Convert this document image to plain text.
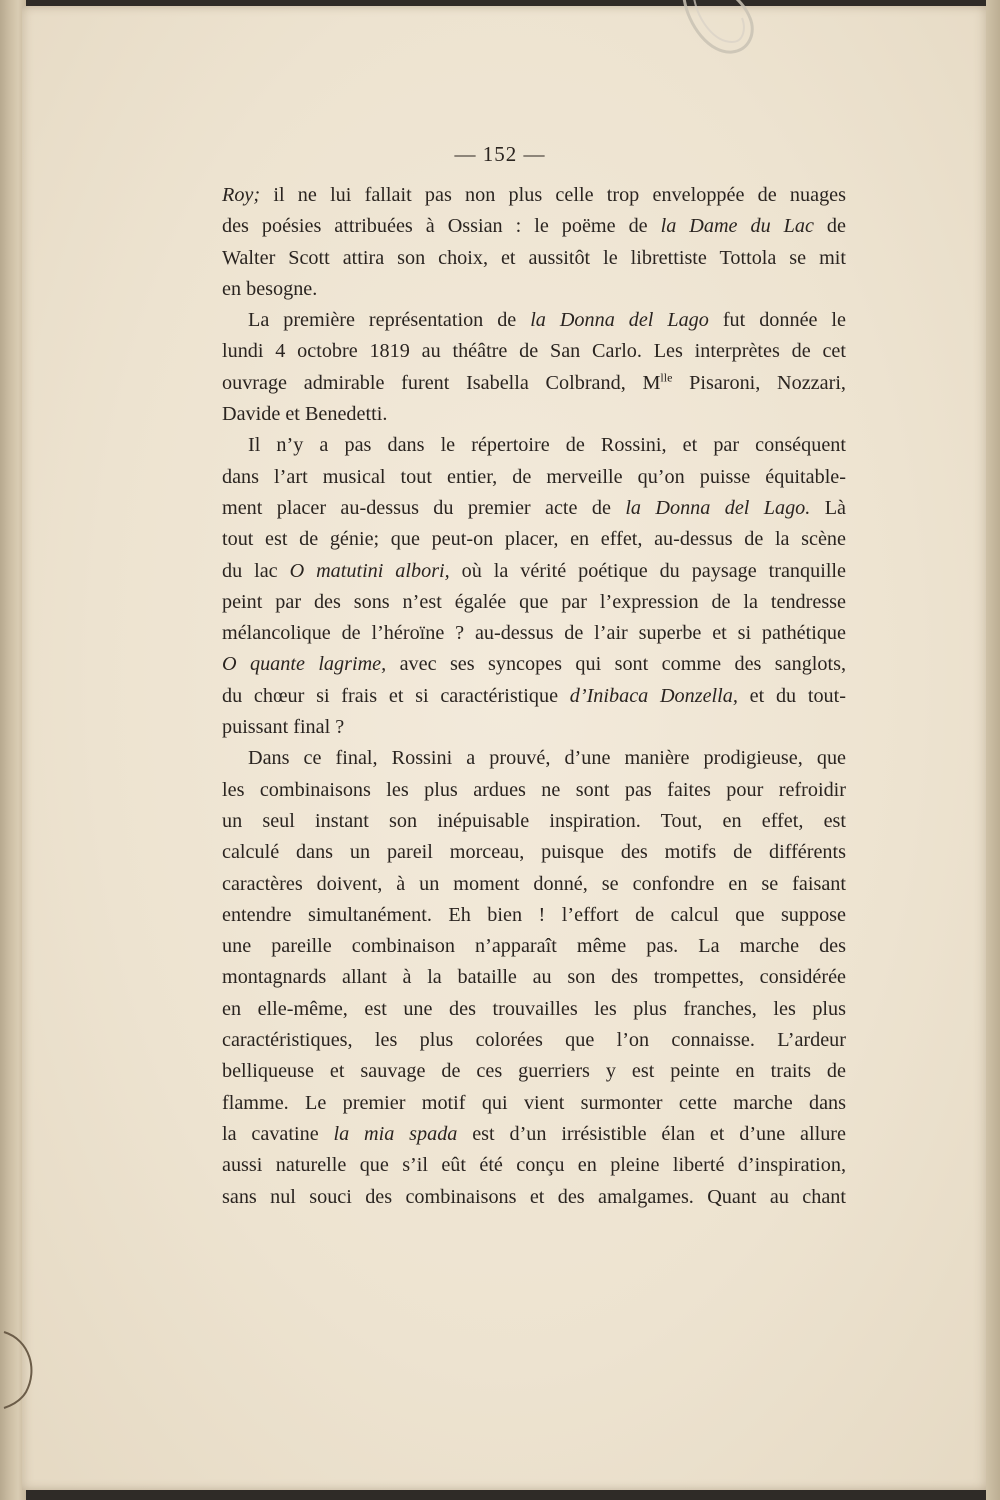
— 152 —
Roy; il ne lui fallait pas non plus celle trop enveloppée de nuages
des poésies attribuées à Ossian : le poëme de la Dame du Lac de
Walter Scott attira son choix, et aussitôt le librettiste Tottola se mit
en besogne.
La première représentation de la Donna del Lago fut donnée le
lundi 4 octobre 1819 au théâtre de San Carlo. Les interprètes de cet
ouvrage admirable furent Isabella Colbrand, $M^{lle}$ Pisaroni, Nozzari,
Davide et Benedetti.
Il n’y a pas dans le répertoire de Rossini, et par conséquent
dans l’art musical tout entier, de merveille qu’on puisse équitable-
ment placer au-dessus du premier acte de la Donna del Lago. Là
tout est de génie; que peut-on placer, en effet, au-dessus de la scène
du lac O matutini albori, où la vérité poétique du paysage tranquille
peint par des sons n’est égalée que par l’expression de la tendresse
mélancolique de l’héroïne ? au-dessus de l’air superbe et si pathétique
O quante lagrime, avec ses syncopes qui sont comme des sanglots,
du chœur si frais et si caractéristique d’Inibaca Donzella, et du tout-
puissant final ?
Dans ce final, Rossini a prouvé, d’une manière prodigieuse, que
les combinaisons les plus ardues ne sont pas faites pour refroidir
un seul instant son inépuisable inspiration. Tout, en effet, est
calculé dans un pareil morceau, puisque des motifs de différents
caractères doivent, à un moment donné, se confondre en se faisant
entendre simultanément. Eh bien ! l’effort de calcul que suppose
une pareille combinaison n’apparaît même pas. La marche des
montagnards allant à la bataille au son des trompettes, considérée
en elle-même, est une des trouvailles les plus franches, les plus
caractéristiques, les plus colorées que l’on connaisse. L’ardeur
belliqueuse et sauvage de ces guerriers y est peinte en traits de
flamme. Le premier motif qui vient surmonter cette marche dans
la cavatine la mia spada est d’un irrésistible élan et d’une allure
aussi naturelle que s’il eût été conçu en pleine liberté d’inspiration,
sans nul souci des combinaisons et des amalgames. Quant au chant
